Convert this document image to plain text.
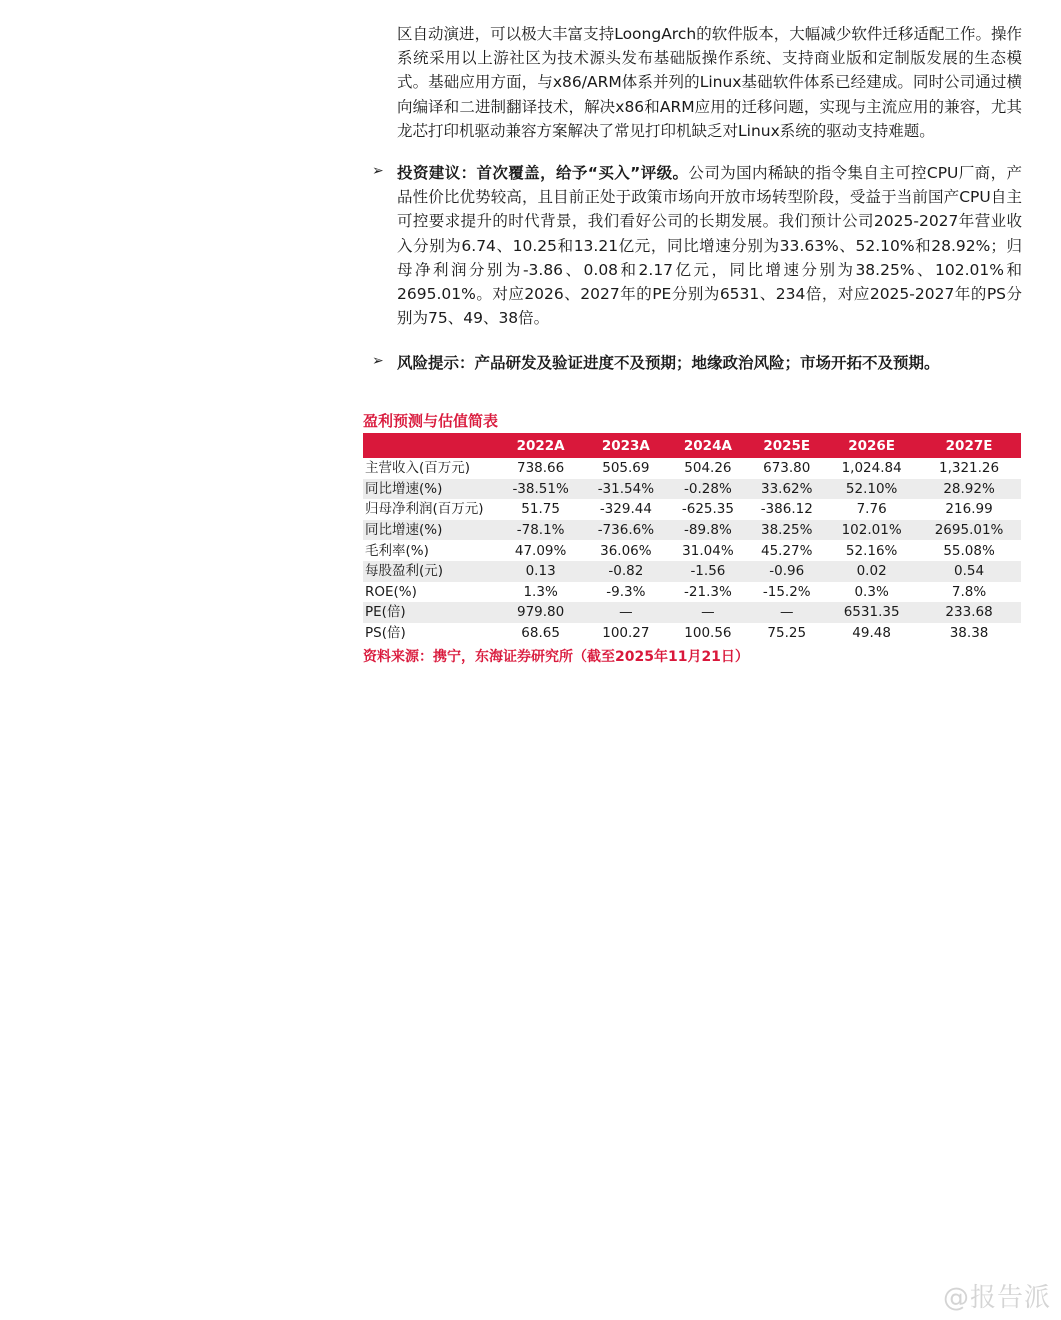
区自动演进，可以极大丰富支持LoongArch的软件版本，大幅减少软件迁移适配工作。操作系统采用以上游社区为技术源头发布基础版操作系统、支持商业版和定制版发展的生态模式。基础应用方面，与x86/ARM体系并列的Linux基础软件体系已经建成。同时公司通过横向编译和二进制翻译技术，解决x86和ARM应用的迁移问题，实现与主流应用的兼容，尤其龙芯打印机驱动兼容方案解决了常见打印机缺乏对Linux系统的驱动支持难题。
➢ 投资建议：首次覆盖，给予“买入”评级。公司为国内稀缺的指令集自主可控CPU厂商，产品性价比优势较高，且目前正处于政策市场向开放市场转型阶段，受益于当前国产CPU自主可控要求提升的时代背景，我们看好公司的长期发展。我们预计公司2025-2027年营业收入分别为6.74、10.25和13.21亿元，同比增速分别为33.63%、52.10%和28.92%；归母净利润分别为-3.86、0.08和2.17亿元，同比增速分别为38.25%、102.01%和2695.01%。对应2026、2027年的PE分别为6531、234倍，对应2025-2027年的PS分别为75、49、38倍。
➢ 风险提示：产品研发及验证进度不及预期；地缘政治风险；市场开拓不及预期。
盈利预测与估值简表
	2022A	2023A	2024A	2025E	2026E	2027E
主营收入(百万元)	738.66	505.69	504.26	673.80	1,024.84	1,321.26
同比增速(%)	-38.51%	-31.54%	-0.28%	33.62%	52.10%	28.92%
归母净利润(百万元)	51.75	-329.44	-625.35	-386.12	7.76	216.99
同比增速(%)	-78.1%	-736.6%	-89.8%	38.25%	102.01%	2695.01%
毛利率(%)	47.09%	36.06%	31.04%	45.27%	52.16%	55.08%
每股盈利(元)	0.13	-0.82	-1.56	-0.96	0.02	0.54
ROE(%)	1.3%	-9.3%	-21.3%	-15.2%	0.3%	7.8%
PE(倍)	979.80	—	—	—	6531.35	233.68
PS(倍)	68.65	100.27	100.56	75.25	49.48	38.38
资料来源：携宁，东海证券研究所（截至2025年11月21日）
@报告派
